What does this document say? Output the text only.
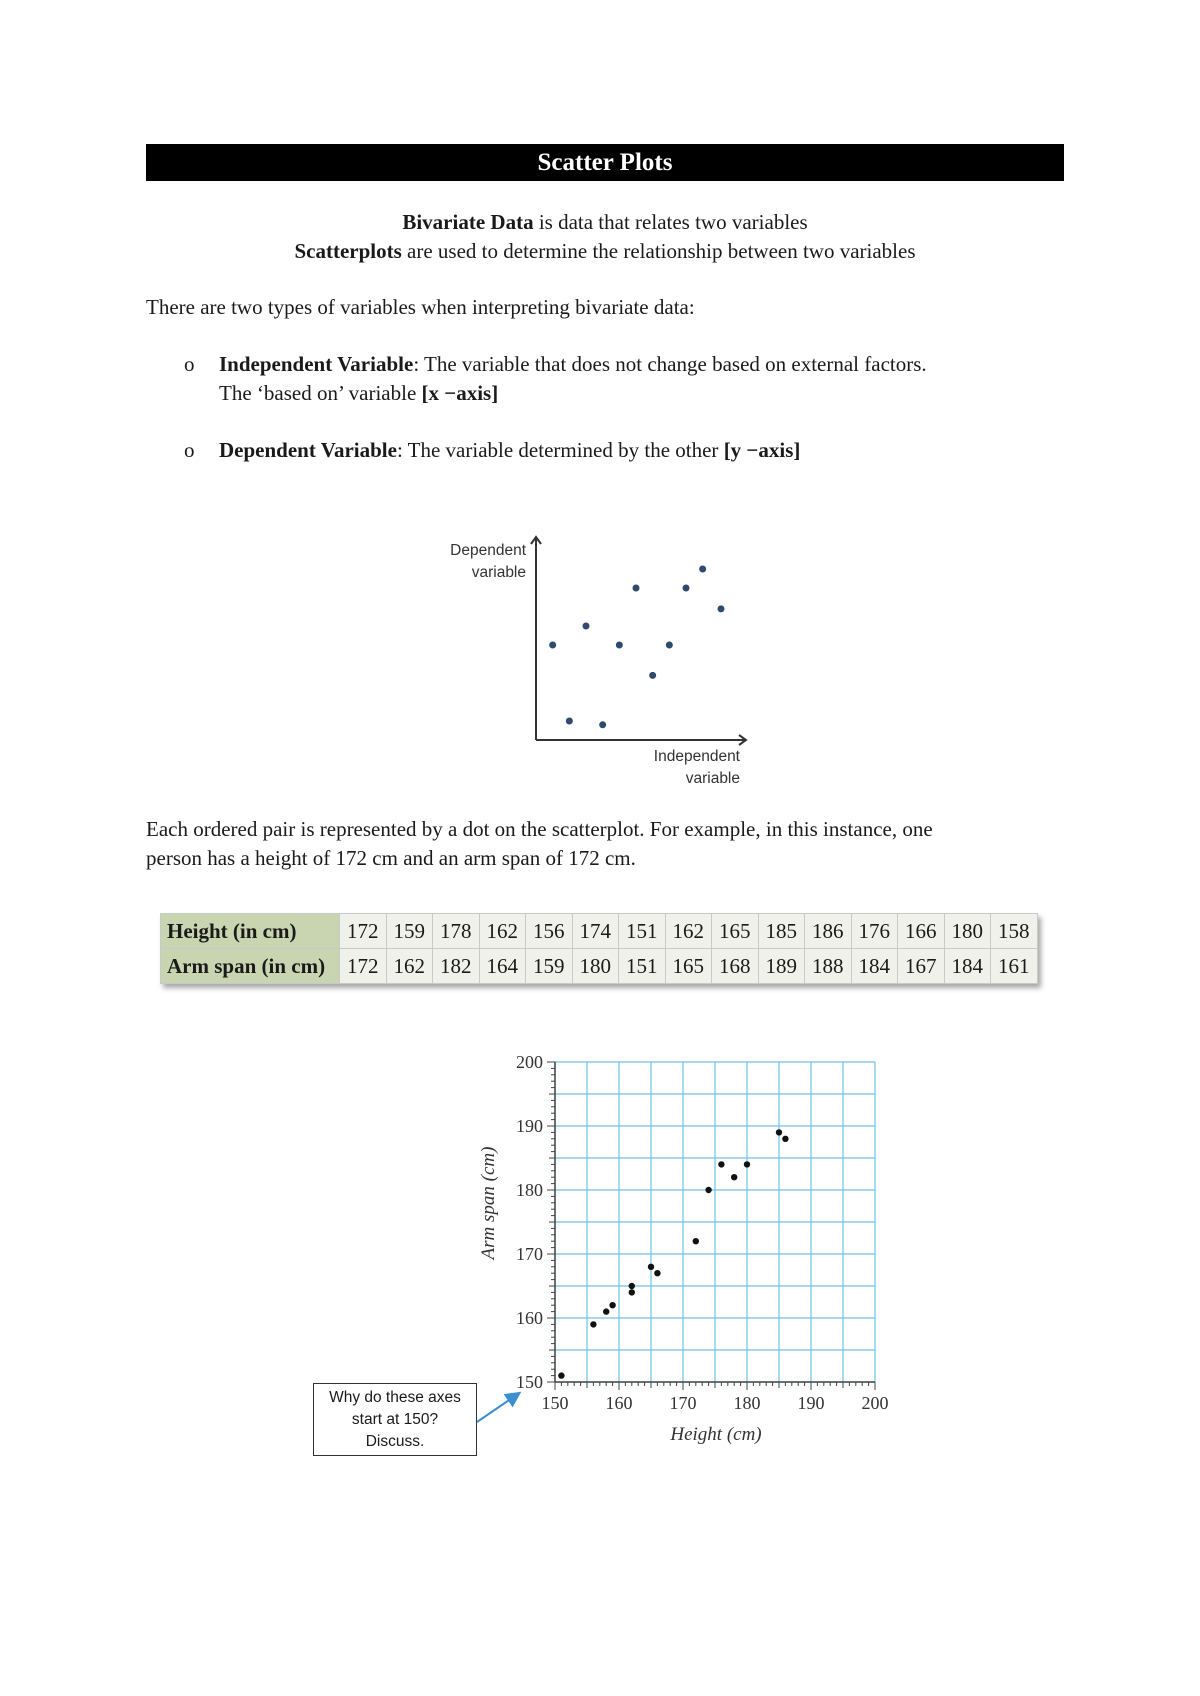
Scatter Plots
Bivariate Data is data that relates two variables
Scatterplots are used to determine the relationship between two variables
There are two types of variables when interpreting bivariate data:
o Independent Variable: The variable that does not change based on external factors.
The ‘based on’ variable [x −axis]
o Dependent Variable: The variable determined by the other [y −axis]
Dependent
variable
Independent
variable
Each ordered pair is represented by a dot on the scatterplot. For example, in this instance, one
person has a height of 172 cm and an arm span of 172 cm.
Height (in cm)	172	159	178	162	156	174	151	162	165	185	186	176	166	180	158
Arm span (in cm)	172	162	182	164	159	180	151	165	168	189	188	184	167	184	161
150 160 170 180 190 200
150
160
170
180
190
200
Height (cm)
Arm span (cm)
Why do these axes
start at 150?
Discuss.
